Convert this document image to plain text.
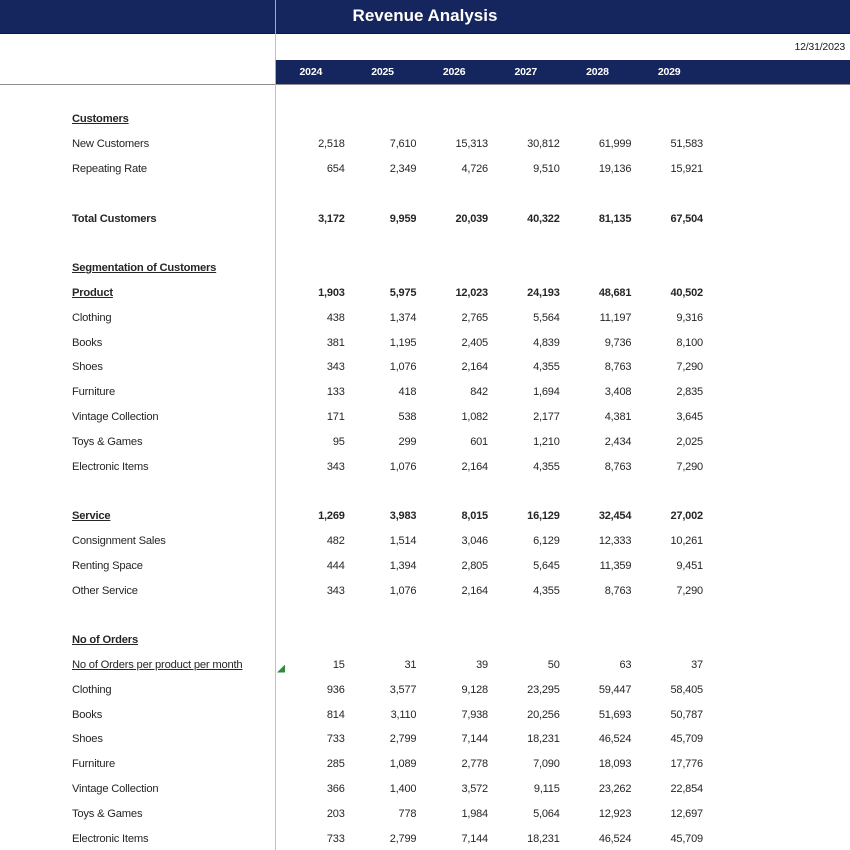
Revenue Analysis
12/31/2023
2024	2025	2026	2027	2028	2029
Customers
New Customers	2,518	7,610	15,313	30,812	61,999	51,583
Repeating Rate	654	2,349	4,726	9,510	19,136	15,921
Total Customers	3,172	9,959	20,039	40,322	81,135	67,504
Segmentation of Customers
Product	1,903	5,975	12,023	24,193	48,681	40,502
Clothing	438	1,374	2,765	5,564	11,197	9,316
Books	381	1,195	2,405	4,839	9,736	8,100
Shoes	343	1,076	2,164	4,355	8,763	7,290
Furniture	133	418	842	1,694	3,408	2,835
Vintage Collection	171	538	1,082	2,177	4,381	3,645
Toys & Games	95	299	601	1,210	2,434	2,025
Electronic Items	343	1,076	2,164	4,355	8,763	7,290
Service	1,269	3,983	8,015	16,129	32,454	27,002
Consignment Sales	482	1,514	3,046	6,129	12,333	10,261
Renting Space	444	1,394	2,805	5,645	11,359	9,451
Other Service	343	1,076	2,164	4,355	8,763	7,290
No of Orders
No of Orders per product per month	15	31	39	50	63	37
Clothing	936	3,577	9,128	23,295	59,447	58,405
Books	814	3,110	7,938	20,256	51,693	50,787
Shoes	733	2,799	7,144	18,231	46,524	45,709
Furniture	285	1,089	2,778	7,090	18,093	17,776
Vintage Collection	366	1,400	3,572	9,115	23,262	22,854
Toys & Games	203	778	1,984	5,064	12,923	12,697
Electronic Items	733	2,799	7,144	18,231	46,524	45,709
